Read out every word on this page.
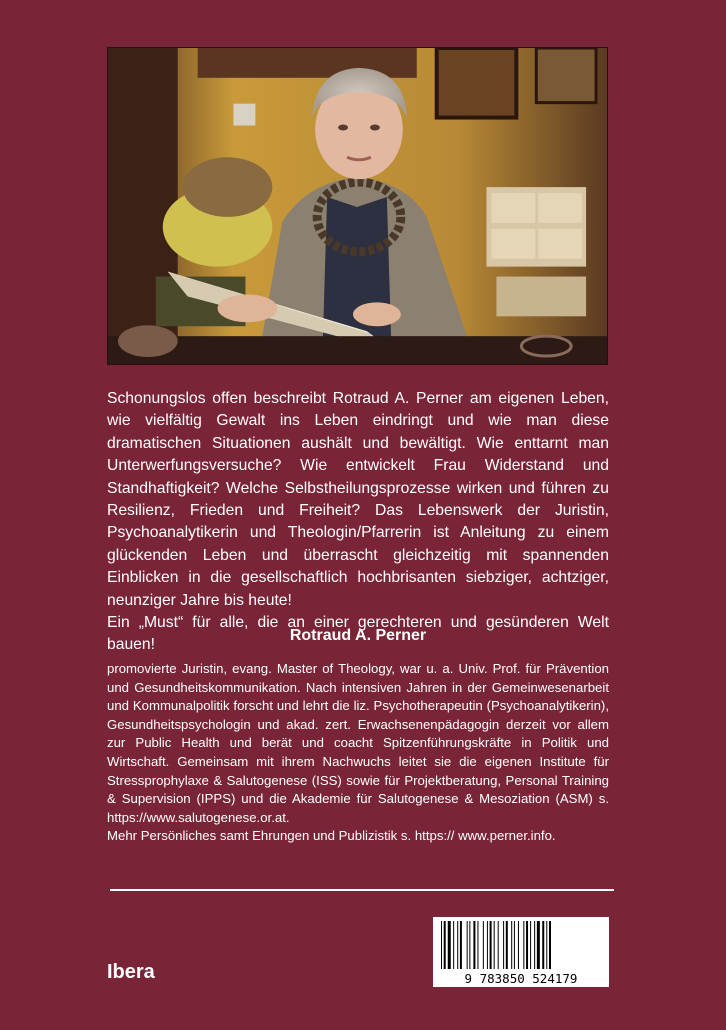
Schonungslos offen beschreibt Rotraud A. Perner am eigenen Leben, wie vielfältig Gewalt ins Leben eindringt und wie man diese dramatischen Situationen aushält und bewältigt. Wie enttarnt man Unterwerfungsversuche? Wie entwickelt Frau Widerstand und Standhaftigkeit? Welche Selbstheilungsprozesse wirken und führen zu Resilienz, Frieden und Freiheit? Das Lebenswerk der Juristin, Psychoanalytikerin und Theologin/Pfarrerin ist Anleitung zu einem glückenden Leben und überrascht gleichzeitig mit spannenden Einblicken in die gesellschaftlich hochbrisanten siebziger, achtziger, neunziger Jahre bis heute!

Ein „Must“ für alle, die an einer gerechteren und gesünderen Welt bauen!

Rotraud A. Perner

promovierte Juristin, evang. Master of Theology, war u. a. Univ. Prof. für Prävention und Gesundheitskommunikation. Nach intensiven Jahren in der Gemeinwesenarbeit und Kommunalpolitik forscht und lehrt die liz. Psychotherapeutin (Psychoanalytikerin), Gesundheitspsychologin und akad. zert. Erwachsenenpädagogin derzeit vor allem zur Public Health und berät und coacht Spitzenführungskräfte in Politik und Wirtschaft. Gemeinsam mit ihrem Nachwuchs leitet sie die eigenen Institute für Stressprophylaxe & Salutogenese (ISS) sowie für Projektberatung, Personal Training & Supervision (IPPS) und die Akademie für Salutogenese & Mesoziation (ASM) s. https://www.salutogenese.or.at.

Mehr Persönliches samt Ehrungen und Publizistik s. https:// www.perner.info.

Ibera	9 783850 524179
